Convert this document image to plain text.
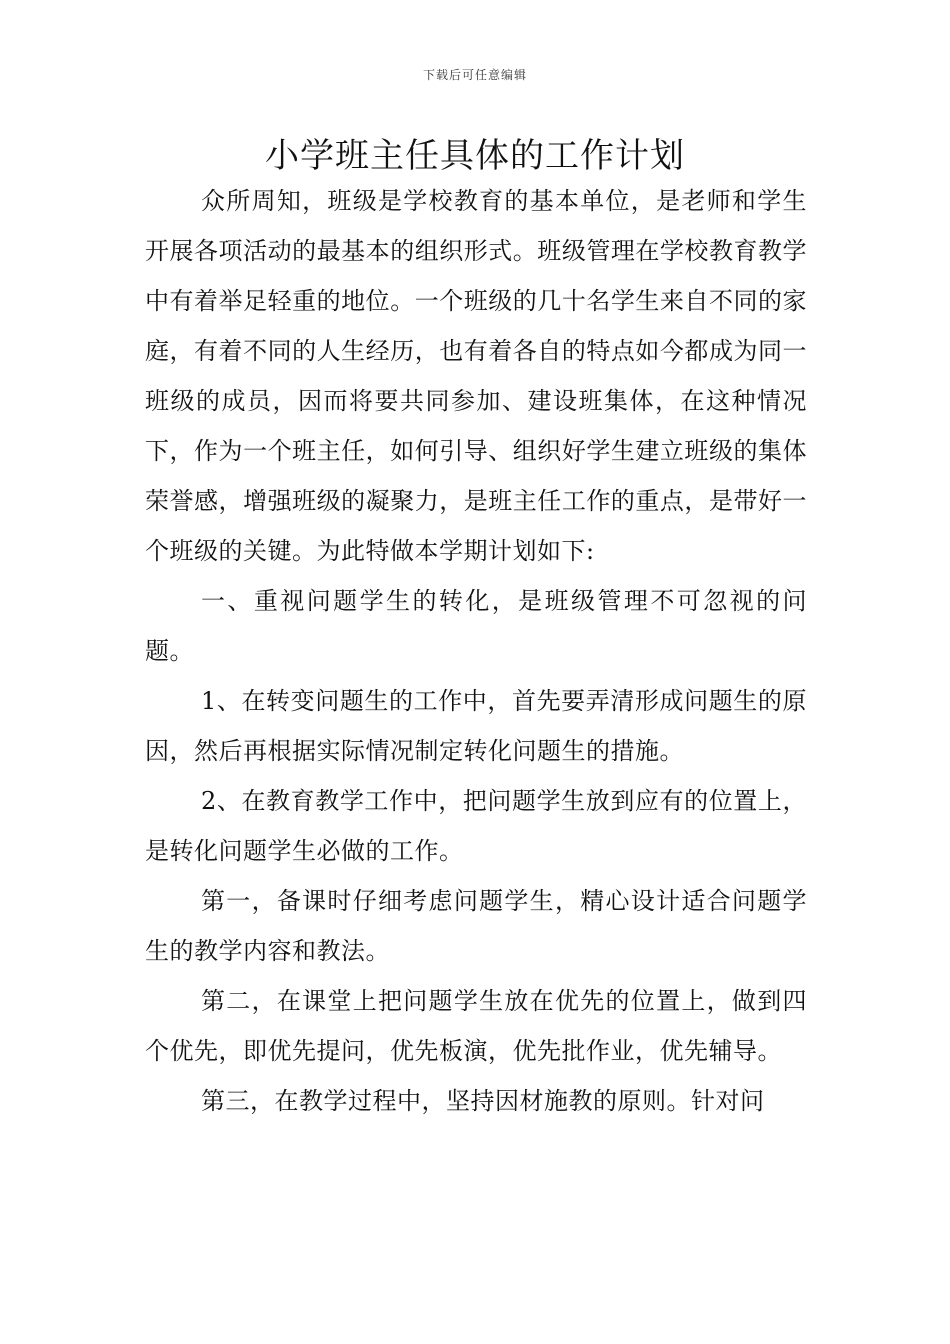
下载后可任意编辑
小学班主任具体的工作计划

众所周知，班级是学校教育的基本单位，是老师和学生开展各项活动的最基本的组织形式。班级管理在学校教育教学中有着举足轻重的地位。一个班级的几十名学生来自不同的家庭，有着不同的人生经历，也有着各自的特点如今都成为同一班级的成员，因而将要共同参加、建设班集体，在这种情况下，作为一个班主任，如何引导、组织好学生建立班级的集体荣誉感，增强班级的凝聚力，是班主任工作的重点，是带好一个班级的关键。为此特做本学期计划如下:

一、重视问题学生的转化，是班级管理不可忽视的问题。

1、在转变问题生的工作中，首先要弄清形成问题生的原因，然后再根据实际情况制定转化问题生的措施。

2、在教育教学工作中，把问题学生放到应有的位置上，是转化问题学生必做的工作。

第一，备课时仔细考虑问题学生，精心设计适合问题学生的教学内容和教法。

第二，在课堂上把问题学生放在优先的位置上，做到四个优先，即优先提问，优先板演，优先批作业，优先辅导。

第三，在教学过程中，坚持因材施教的原则。针对问
